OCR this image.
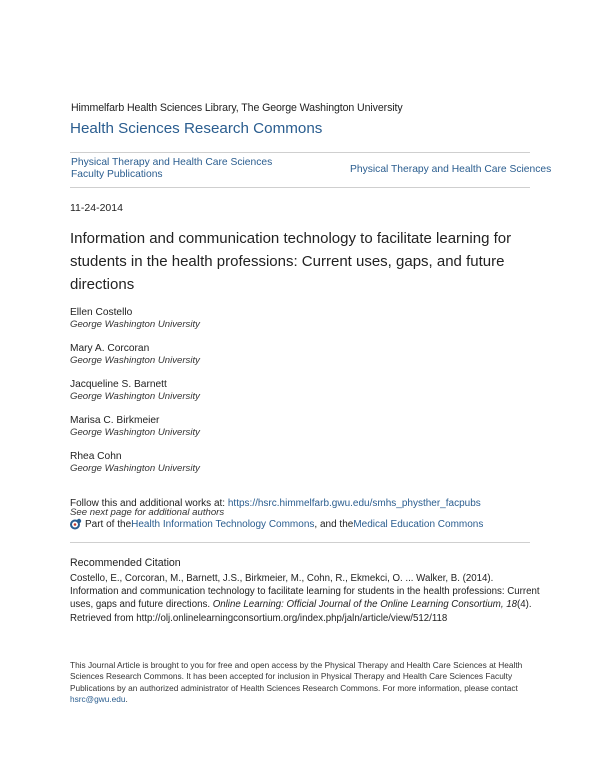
Himmelfarb Health Sciences Library, The George Washington University
Health Sciences Research Commons
Physical Therapy and Health Care Sciences Faculty Publications	Physical Therapy and Health Care Sciences
11-24-2014
Information and communication technology to facilitate learning for students in the health professions: Current uses, gaps, and future directions
Ellen Costello
George Washington University
Mary A. Corcoran
George Washington University
Jacqueline S. Barnett
George Washington University
Marisa C. Birkmeier
George Washington University
Rhea Cohn
George Washington University
Follow this and additional works at: https://hsrc.himmelfarb.gwu.edu/smhs_physther_facpubs
See next page for additional authors
Part of the Health Information Technology Commons , and the Medical Education Commons
Recommended Citation
Costello, E., Corcoran, M., Barnett, J.S., Birkmeier, M., Cohn, R., Ekmekci, O. ... Walker, B. (2014). Information and communication technology to facilitate learning for students in the health professions: Current uses, gaps and future directions. Online Learning: Official Journal of the Online Learning Consortium, 18(4). Retrieved from http://olj.onlinelearningconsortium.org/index.php/jaln/article/view/512/118
This Journal Article is brought to you for free and open access by the Physical Therapy and Health Care Sciences at Health Sciences Research Commons. It has been accepted for inclusion in Physical Therapy and Health Care Sciences Faculty Publications by an authorized administrator of Health Sciences Research Commons. For more information, please contact hsrc@gwu.edu.
